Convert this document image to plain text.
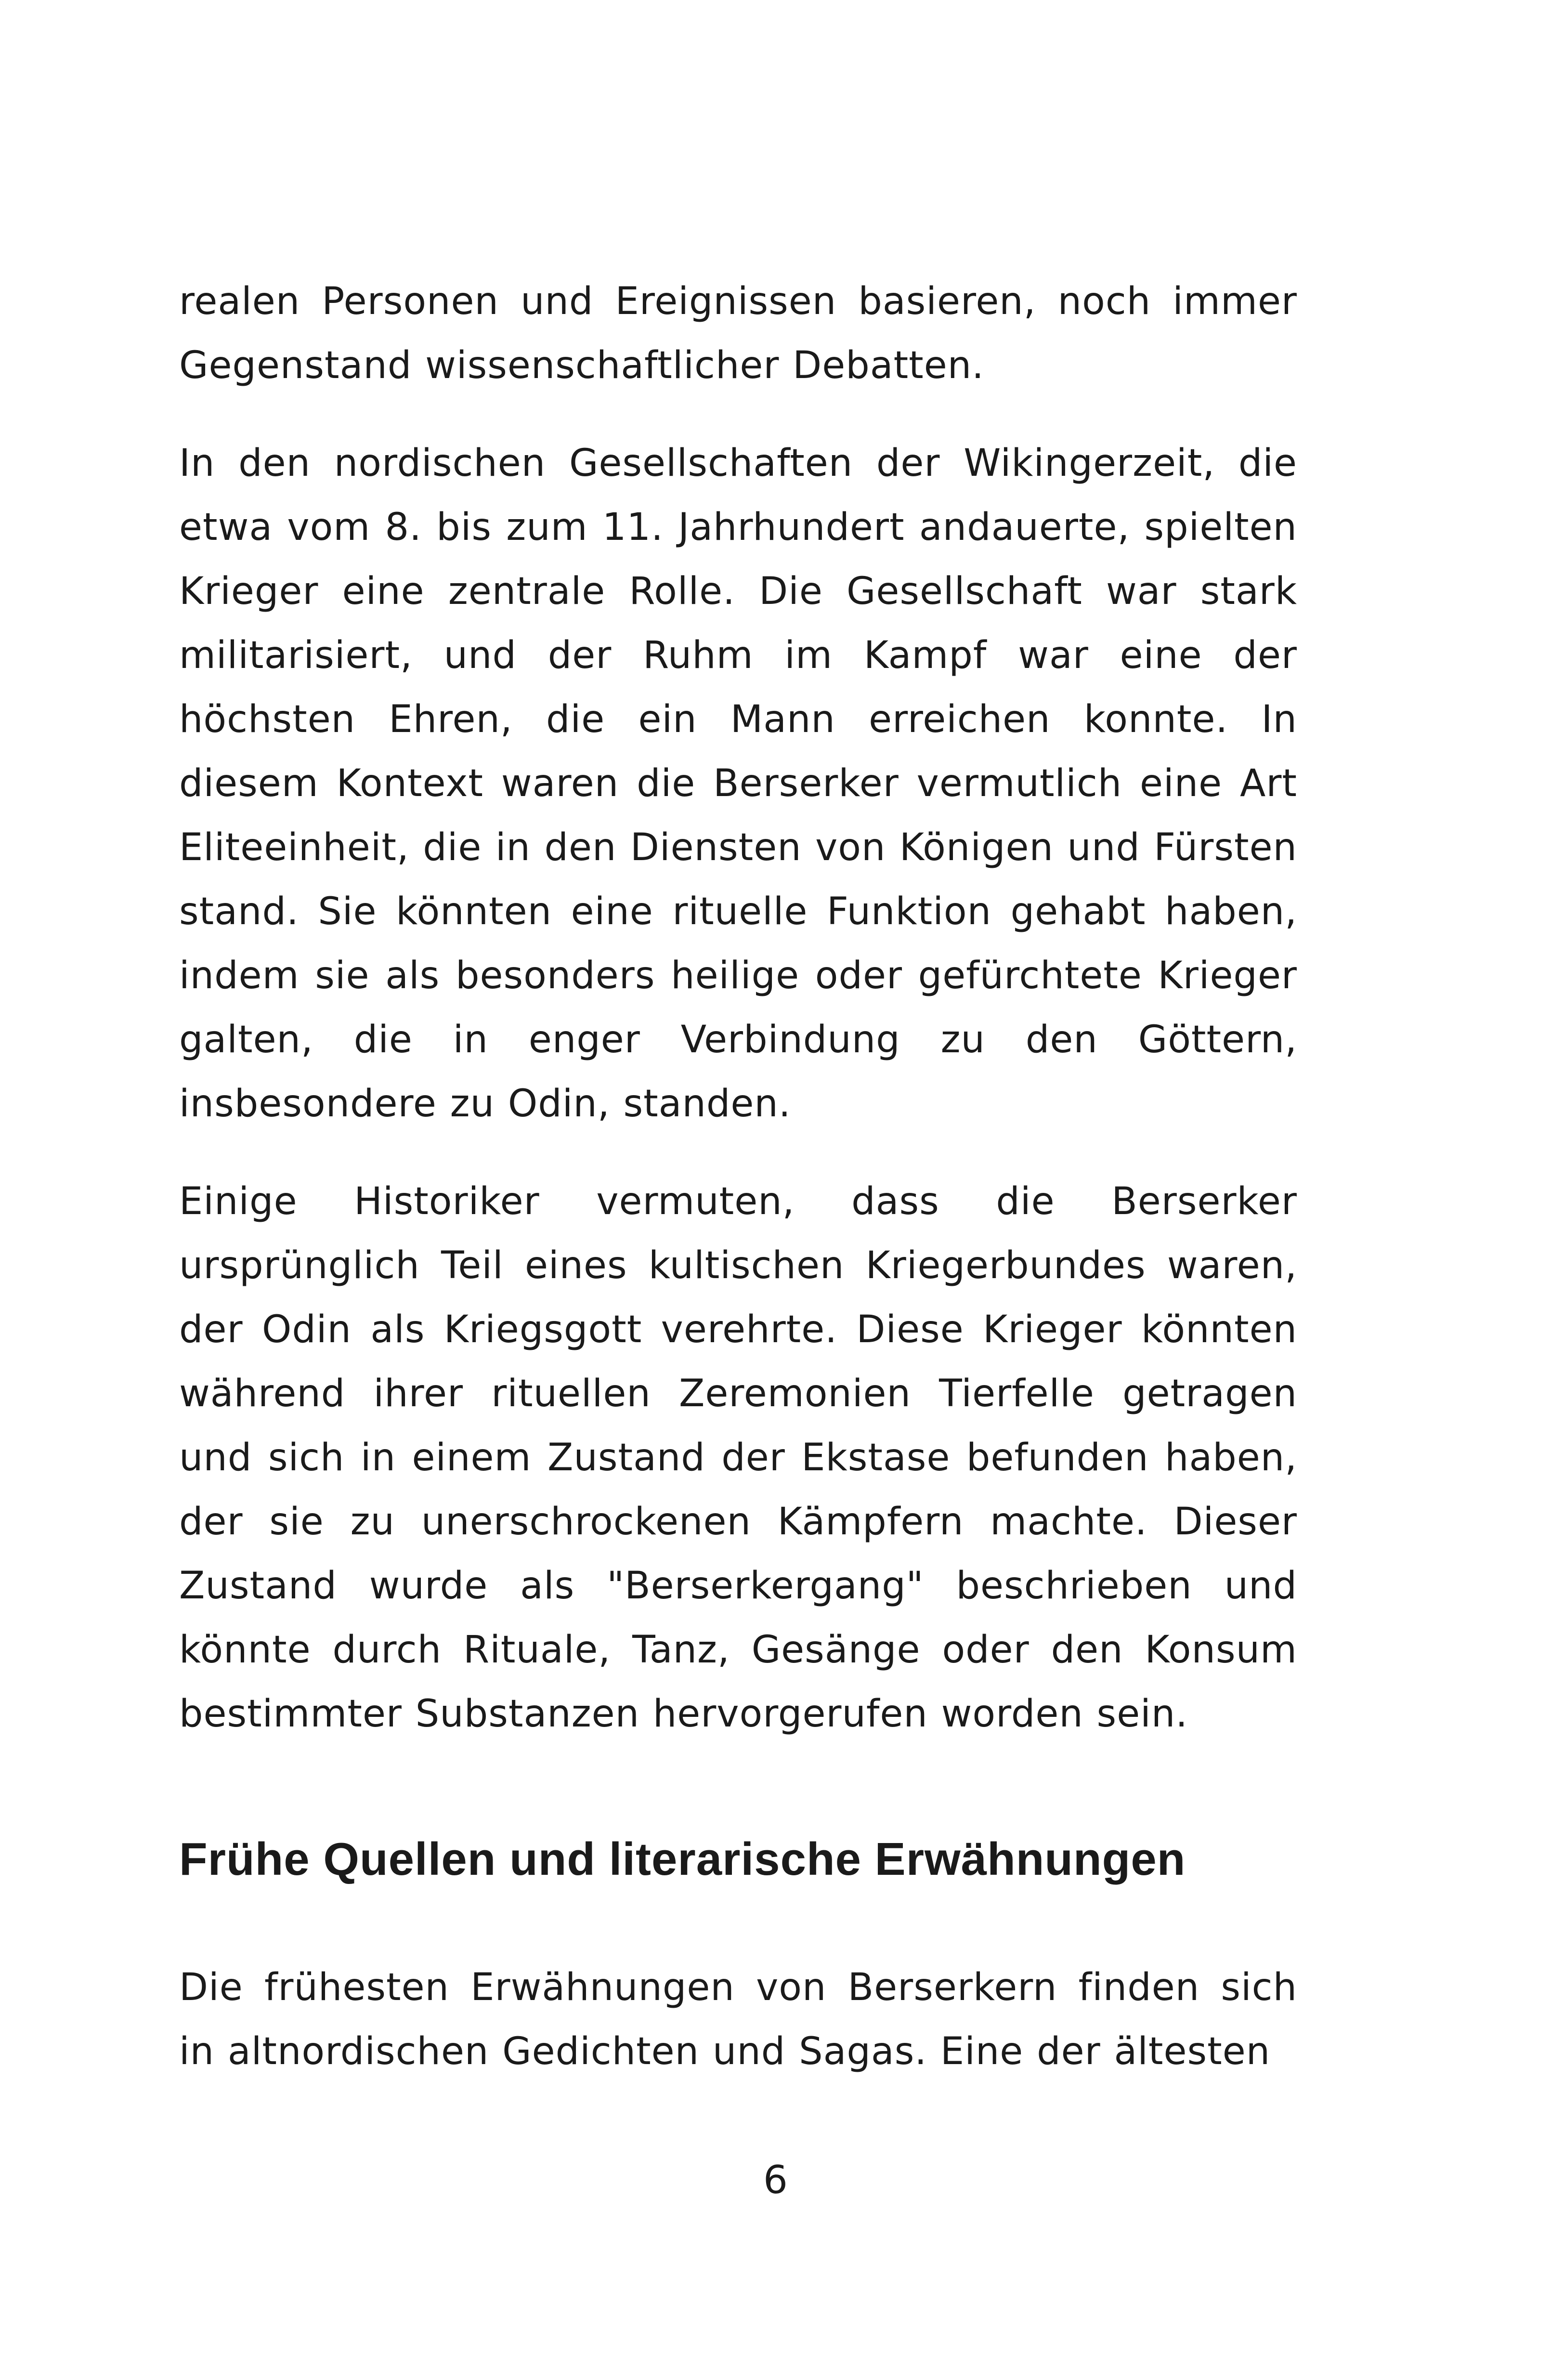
realen Personen und Ereignissen basieren, noch immer Gegenstand wissenschaftlicher Debatten.

In den nordischen Gesellschaften der Wikingerzeit, die etwa vom 8. bis zum 11. Jahrhundert andauerte, spielten Krieger eine zentrale Rolle. Die Gesellschaft war stark militarisiert, und der Ruhm im Kampf war eine der höchsten Ehren, die ein Mann erreichen konnte. In diesem Kontext waren die Berserker vermutlich eine Art Eliteeinheit, die in den Diensten von Königen und Fürsten stand. Sie könnten eine rituelle Funktion gehabt haben, indem sie als besonders heilige oder gefürchtete Krieger galten, die in enger Verbindung zu den Göttern, insbesondere zu Odin, standen.

Einige Historiker vermuten, dass die Berserker ursprünglich Teil eines kultischen Kriegerbundes waren, der Odin als Kriegsgott verehrte. Diese Krieger könnten während ihrer rituellen Zeremonien Tierfelle getragen und sich in einem Zustand der Ekstase befunden haben, der sie zu unerschrockenen Kämpfern machte. Dieser Zustand wurde als "Berserkergang" beschrieben und könnte durch Rituale, Tanz, Gesänge oder den Konsum bestimmter Substanzen hervorgerufen worden sein.

Frühe Quellen und literarische Erwähnungen

Die frühesten Erwähnungen von Berserkern finden sich in altnordischen Gedichten und Sagas. Eine der ältesten

6
